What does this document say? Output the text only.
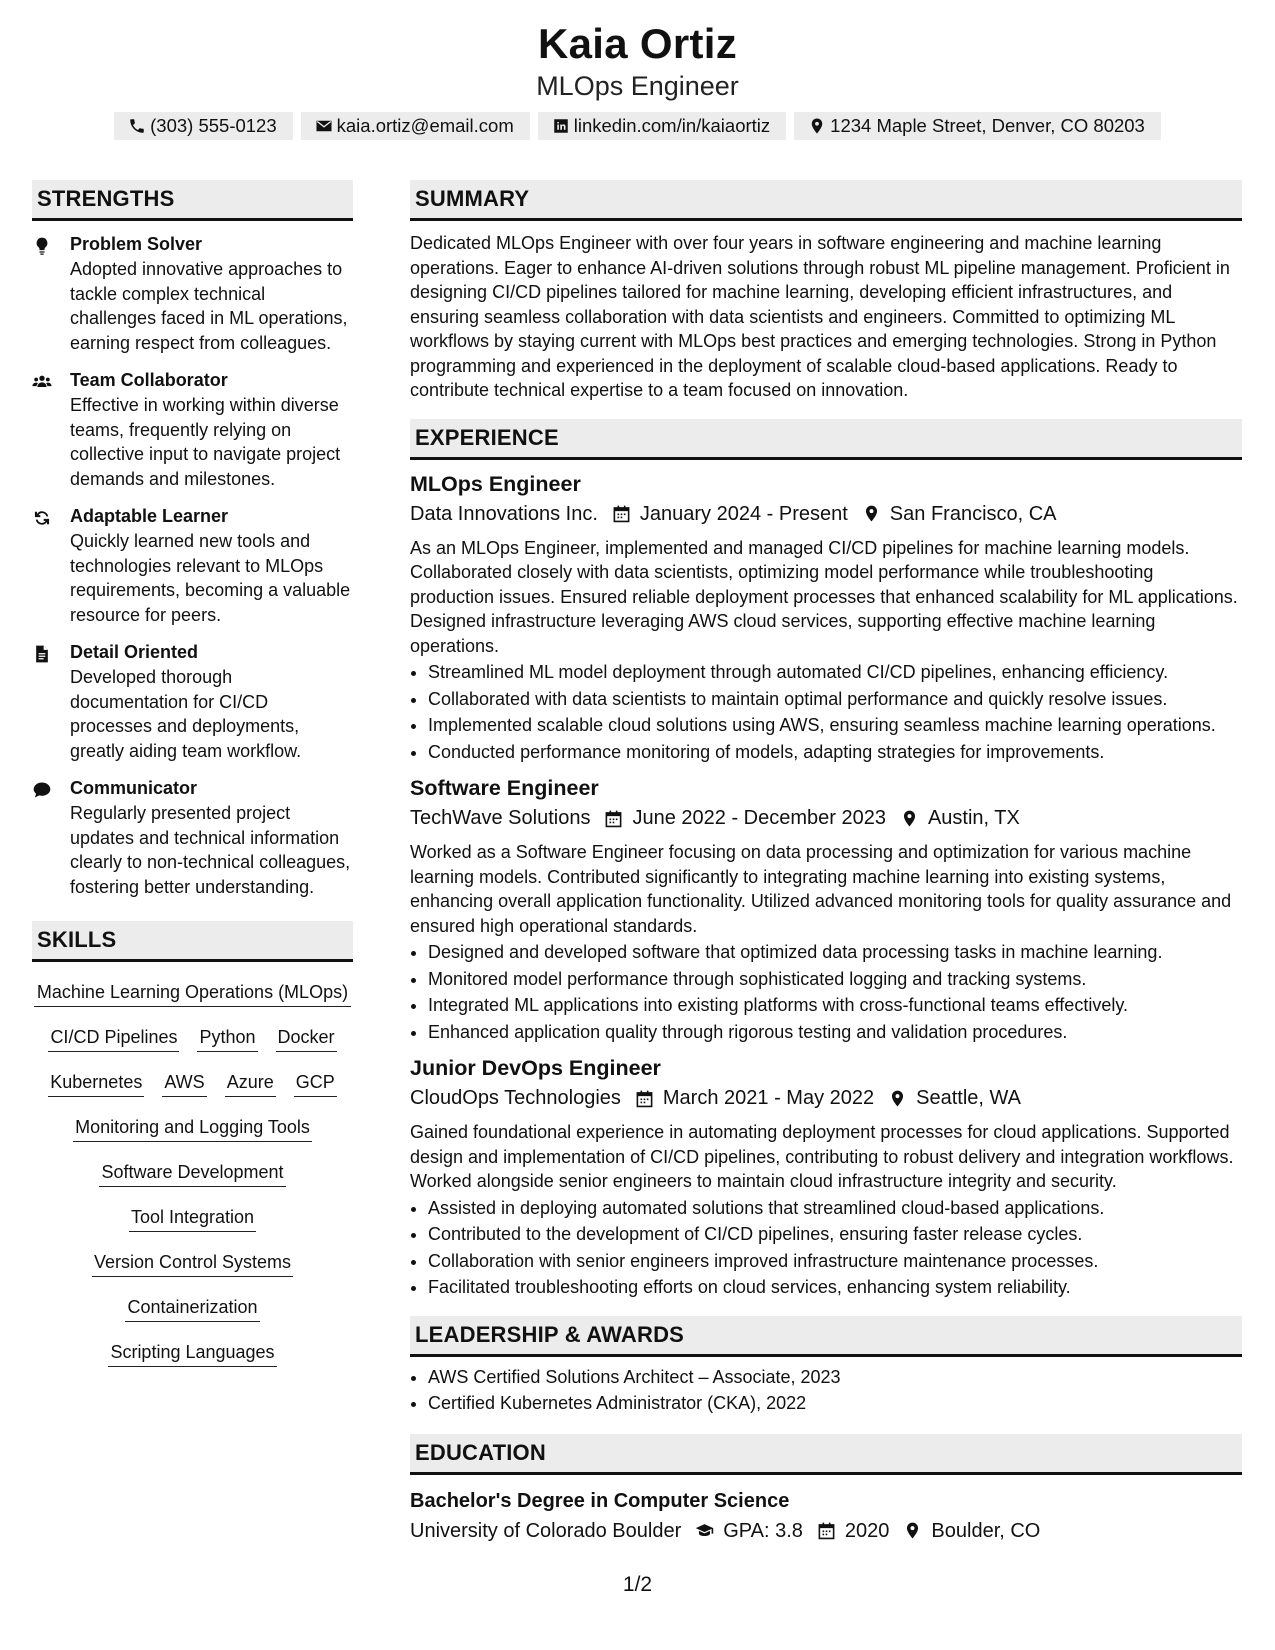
Kaia Ortiz
MLOps Engineer
(303) 555-0123	kaia.ortiz@email.com	linkedin.com/in/kaiaortiz	1234 Maple Street, Denver, CO 80203
STRENGTHS
Problem Solver
Adopted innovative approaches to tackle complex technical challenges faced in ML operations, earning respect from colleagues.
Team Collaborator
Effective in working within diverse teams, frequently relying on collective input to navigate project demands and milestones.
Adaptable Learner
Quickly learned new tools and technologies relevant to MLOps requirements, becoming a valuable resource for peers.
Detail Oriented
Developed thorough documentation for CI/CD processes and deployments, greatly aiding team workflow.
Communicator
Regularly presented project updates and technical information clearly to non-technical colleagues, fostering better understanding.
SKILLS
Machine Learning Operations (MLOps)
CI/CD Pipelines Python Docker
Kubernetes AWS Azure GCP
Monitoring and Logging Tools
Software Development
Tool Integration
Version Control Systems
Containerization
Scripting Languages
SUMMARY
Dedicated MLOps Engineer with over four years in software engineering and machine learning operations. Eager to enhance AI-driven solutions through robust ML pipeline management. Proficient in designing CI/CD pipelines tailored for machine learning, developing efficient infrastructures, and ensuring seamless collaboration with data scientists and engineers. Committed to optimizing ML workflows by staying current with MLOps best practices and emerging technologies. Strong in Python programming and experienced in the deployment of scalable cloud-based applications. Ready to contribute technical expertise to a team focused on innovation.
EXPERIENCE
MLOps Engineer
Data Innovations Inc. January 2024 - Present San Francisco, CA
As an MLOps Engineer, implemented and managed CI/CD pipelines for machine learning models. Collaborated closely with data scientists, optimizing model performance while troubleshooting production issues. Ensured reliable deployment processes that enhanced scalability for ML applications. Designed infrastructure leveraging AWS cloud services, supporting effective machine learning operations.
• Streamlined ML model deployment through automated CI/CD pipelines, enhancing efficiency.
• Collaborated with data scientists to maintain optimal performance and quickly resolve issues.
• Implemented scalable cloud solutions using AWS, ensuring seamless machine learning operations.
• Conducted performance monitoring of models, adapting strategies for improvements.
Software Engineer
TechWave Solutions June 2022 - December 2023 Austin, TX
Worked as a Software Engineer focusing on data processing and optimization for various machine learning models. Contributed significantly to integrating machine learning into existing systems, enhancing overall application functionality. Utilized advanced monitoring tools for quality assurance and ensured high operational standards.
• Designed and developed software that optimized data processing tasks in machine learning.
• Monitored model performance through sophisticated logging and tracking systems.
• Integrated ML applications into existing platforms with cross-functional teams effectively.
• Enhanced application quality through rigorous testing and validation procedures.
Junior DevOps Engineer
CloudOps Technologies March 2021 - May 2022 Seattle, WA
Gained foundational experience in automating deployment processes for cloud applications. Supported design and implementation of CI/CD pipelines, contributing to robust delivery and integration workflows. Worked alongside senior engineers to maintain cloud infrastructure integrity and security.
• Assisted in deploying automated solutions that streamlined cloud-based applications.
• Contributed to the development of CI/CD pipelines, ensuring faster release cycles.
• Collaboration with senior engineers improved infrastructure maintenance processes.
• Facilitated troubleshooting efforts on cloud services, enhancing system reliability.
LEADERSHIP & AWARDS
• AWS Certified Solutions Architect – Associate, 2023
• Certified Kubernetes Administrator (CKA), 2022
EDUCATION
Bachelor's Degree in Computer Science
University of Colorado Boulder GPA: 3.8 2020 Boulder, CO
1/2
